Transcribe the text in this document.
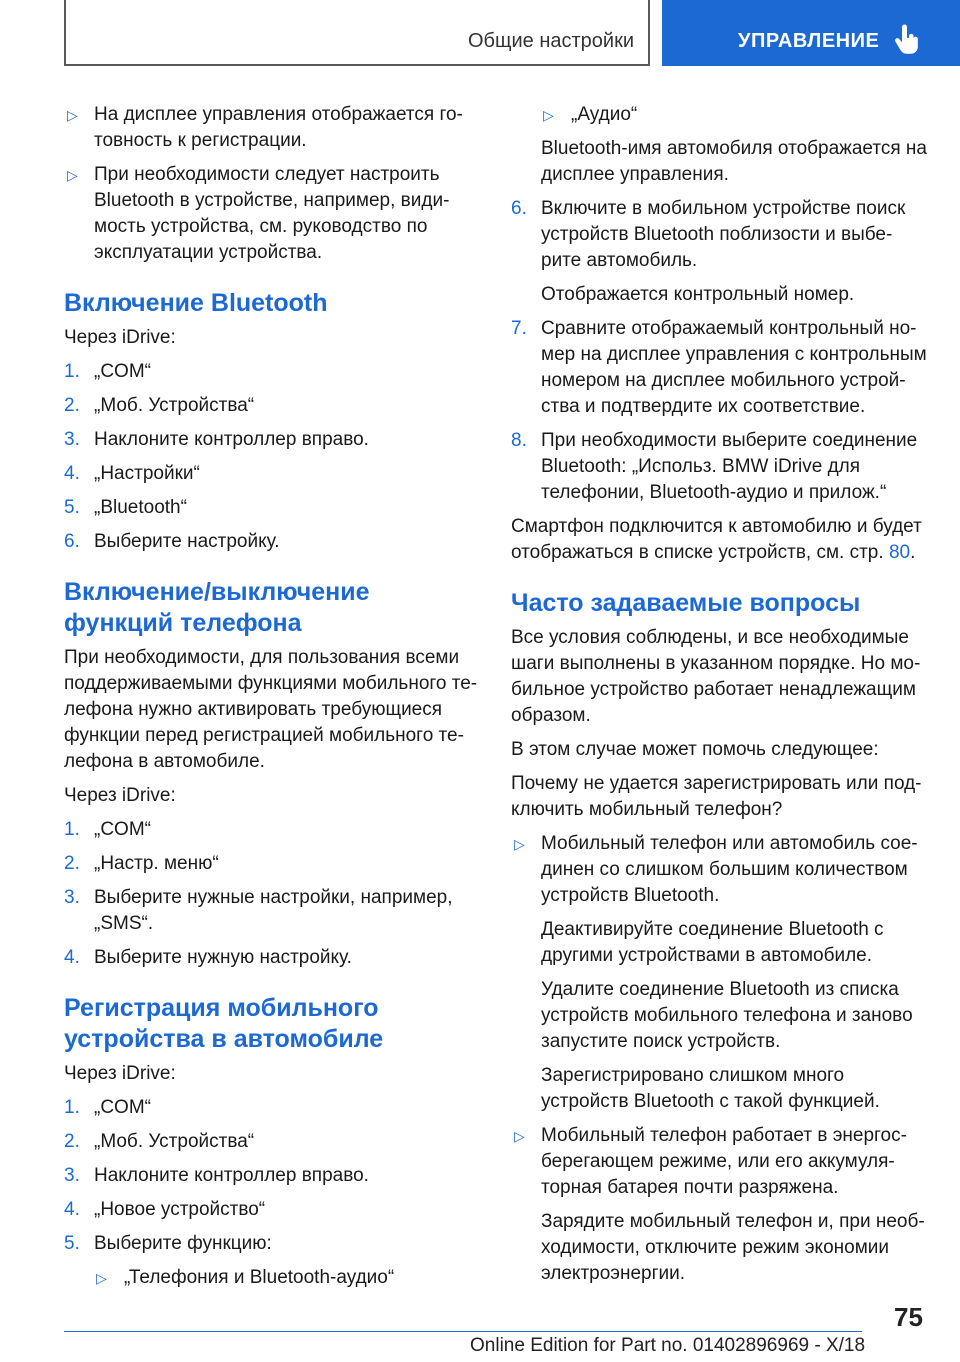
Общие настройки	УПРАВЛЕНИЕ
▷ На дисплее управления отображается го-товность к регистрации.
▷ При необходимости следует настроить Bluetooth в устройстве, например, види-мость устройства, см. руководство по эксплуатации устройства.
Включение Bluetooth
Через iDrive:
1. „COM“
2. „Моб. Устройства“
3. Наклоните контроллер вправо.
4. „Настройки“
5. „Bluetooth“
6. Выберите настройку.
Включение/выключение функций телефона
При необходимости, для пользования всеми поддерживаемыми функциями мобильного те-лефона нужно активировать требующиеся функции перед регистрацией мобильного те-лефона в автомобиле.
Через iDrive:
1. „COM“
2. „Настр. меню“
3. Выберите нужные настройки, например, „SMS“.
4. Выберите нужную настройку.
Регистрация мобильного устройства в автомобиле
Через iDrive:
1. „COM“
2. „Моб. Устройства“
3. Наклоните контроллер вправо.
4. „Новое устройство“
5. Выберите функцию:
▷ „Телефония и Bluetooth-аудио“
▷ „Аудио“
Bluetooth-имя автомобиля отображается на дисплее управления.
6. Включите в мобильном устройстве поиск устройств Bluetooth поблизости и выбе-рите автомобиль.
Отображается контрольный номер.
7. Сравните отображаемый контрольный но-мер на дисплее управления с контрольным номером на дисплее мобильного устрой-ства и подтвердите их соответствие.
8. При необходимости выберите соединение Bluetooth: „Использ. BMW iDrive для телефонии, Bluetooth-аудио и прилож.“
Смартфон подключится к автомобилю и будет отображаться в списке устройств, см. стр. 80.
Часто задаваемые вопросы
Все условия соблюдены, и все необходимые шаги выполнены в указанном порядке. Но мо-бильное устройство работает ненадлежащим образом.
В этом случае может помочь следующее:
Почему не удается зарегистрировать или под-ключить мобильный телефон?
▷ Мобильный телефон или автомобиль сое-динен со слишком большим количеством устройств Bluetooth.
Деактивируйте соединение Bluetooth с другими устройствами в автомобиле.
Удалите соединение Bluetooth из списка устройств мобильного телефона и заново запустите поиск устройств.
Зарегистрировано слишком много устройств Bluetooth с такой функцией.
▷ Мобильный телефон работает в энергос-берегающем режиме, или его аккумуля-торная батарея почти разряжена.
Зарядите мобильный телефон и, при необ-ходимости, отключите режим экономии электроэнергии.
75
Online Edition for Part no. 01402896969 - X/18
